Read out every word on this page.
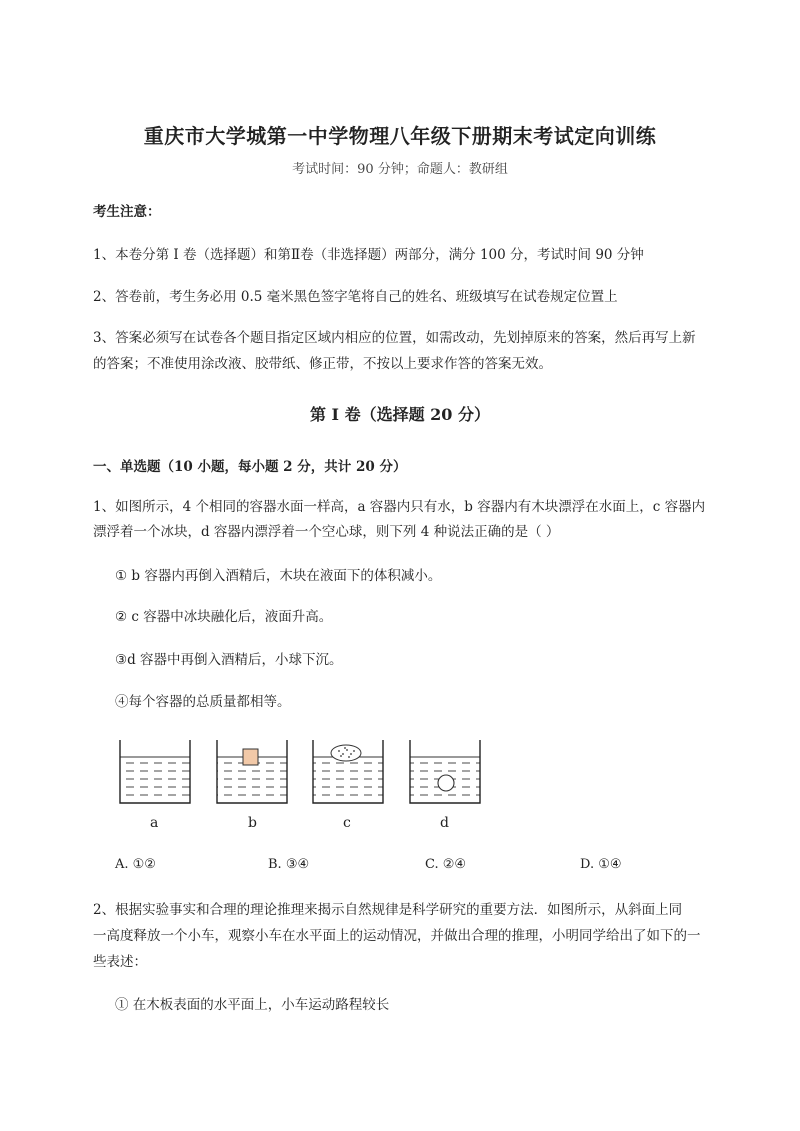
重庆市大学城第一中学物理八年级下册期末考试定向训练
考试时间：90 分钟；命题人：教研组
考生注意：
1、本卷分第 I 卷（选择题）和第Ⅱ卷（非选择题）两部分，满分 100 分，考试时间 90 分钟
2、答卷前，考生务必用 0.5 毫米黑色签字笔将自己的姓名、班级填写在试卷规定位置上
3、答案必须写在试卷各个题目指定区域内相应的位置，如需改动，先划掉原来的答案，然后再写上新
的答案；不准使用涂改液、胶带纸、修正带，不按以上要求作答的答案无效。
第 I 卷（选择题 20 分）
一、单选题（10 小题，每小题 2 分，共计 20 分）
1、如图所示，4 个相同的容器水面一样高，a 容器内只有水，b 容器内有木块漂浮在水面上，c 容器内
漂浮着一个冰块，d 容器内漂浮着一个空心球，则下列 4 种说法正确的是（ ）
① b 容器内再倒入酒精后，木块在液面下的体积减小。
② c 容器中冰块融化后，液面升高。
③d 容器中再倒入酒精后，小球下沉。
④每个容器的总质量都相等。
a	b	c	d
A. ①②	B. ③④	C. ②④	D. ①④
2、根据实验事实和合理的理论推理来揭示自然规律是科学研究的重要方法．如图所示，从斜面上同
一高度释放一个小车，观察小车在水平面上的运动情况，并做出合理的推理，小明同学给出了如下的一
些表述：
① 在木板表面的水平面上，小车运动路程较长
